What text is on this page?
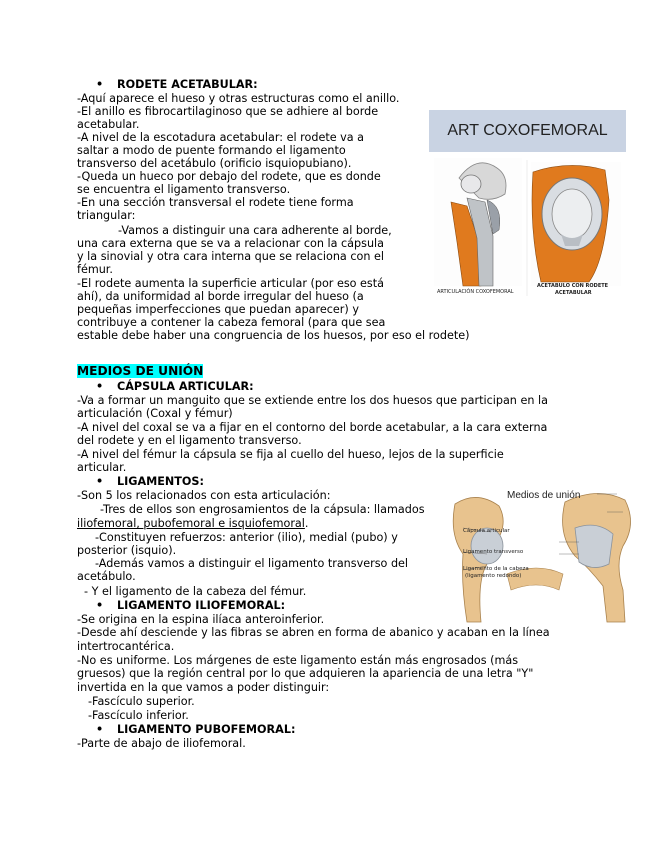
• RODETE ACETABULAR:
-Aquí aparece el hueso y otras estructuras como el anillo.
-El anillo es fibrocartilaginoso que se adhiere al borde
acetabular.
-A nivel de la escotadura acetabular: el rodete va a
saltar a modo de puente formando el ligamento
transverso del acetábulo (orificio isquiopubiano).
-Queda un hueco por debajo del rodete, que es donde
se encuentra el ligamento transverso.
-En una sección transversal el rodete tiene forma
triangular:
-Vamos a distinguir una cara adherente al borde,
una cara externa que se va a relacionar con la cápsula
y la sinovial y otra cara interna que se relaciona con el
fémur.
-El rodete aumenta la superficie articular (por eso está
ahí), da uniformidad al borde irregular del hueso (a
pequeñas imperfecciones que puedan aparecer) y
contribuye a contener la cabeza femoral (para que sea
estable debe haber una congruencia de los huesos, por eso el rodete)
ART COXOFEMORAL
ARTICULACIÓN COXOFEMORAL
ACETABULO CON RODETE
ACETABULAR
MEDIOS DE UNIÓN
• CÁPSULA ARTICULAR:
-Va a formar un manguito que se extiende entre los dos huesos que participan en la
articulación (Coxal y fémur)
-A nivel del coxal se va a fijar en el contorno del borde acetabular, a la cara externa
del rodete y en el ligamento transverso.
-A nivel del fémur la cápsula se fija al cuello del hueso, lejos de la superficie
articular.
• LIGAMENTOS:
-Son 5 los relacionados con esta articulación:
-Tres de ellos son engrosamientos de la cápsula: llamados
iliofemoral, pubofemoral e isquiofemoral.
-Constituyen refuerzos: anterior (ilio), medial (pubo) y
posterior (isquio).
-Además vamos a distinguir el ligamento transverso del
acetábulo.
- Y el ligamento de la cabeza del fémur.
• LIGAMENTO ILIOFEMORAL:
-Se origina en la espina ilíaca anteroinferior.
-Desde ahí desciende y las fibras se abren en forma de abanico y acaban en la línea
intertrocantérica.
-No es uniforme. Los márgenes de este ligamento están más engrosados (más
gruesos) que la región central por lo que adquieren la apariencia de una letra "Y"
invertida en la que vamos a poder distinguir:
-Fascículo superior.
-Fascículo inferior.
• LIGAMENTO PUBOFEMORAL:
-Parte de abajo de iliofemoral.
Medios de unión
Cápsula articular
Ligamento transverso
Ligamento de la cabeza
(ligamento redondo)
